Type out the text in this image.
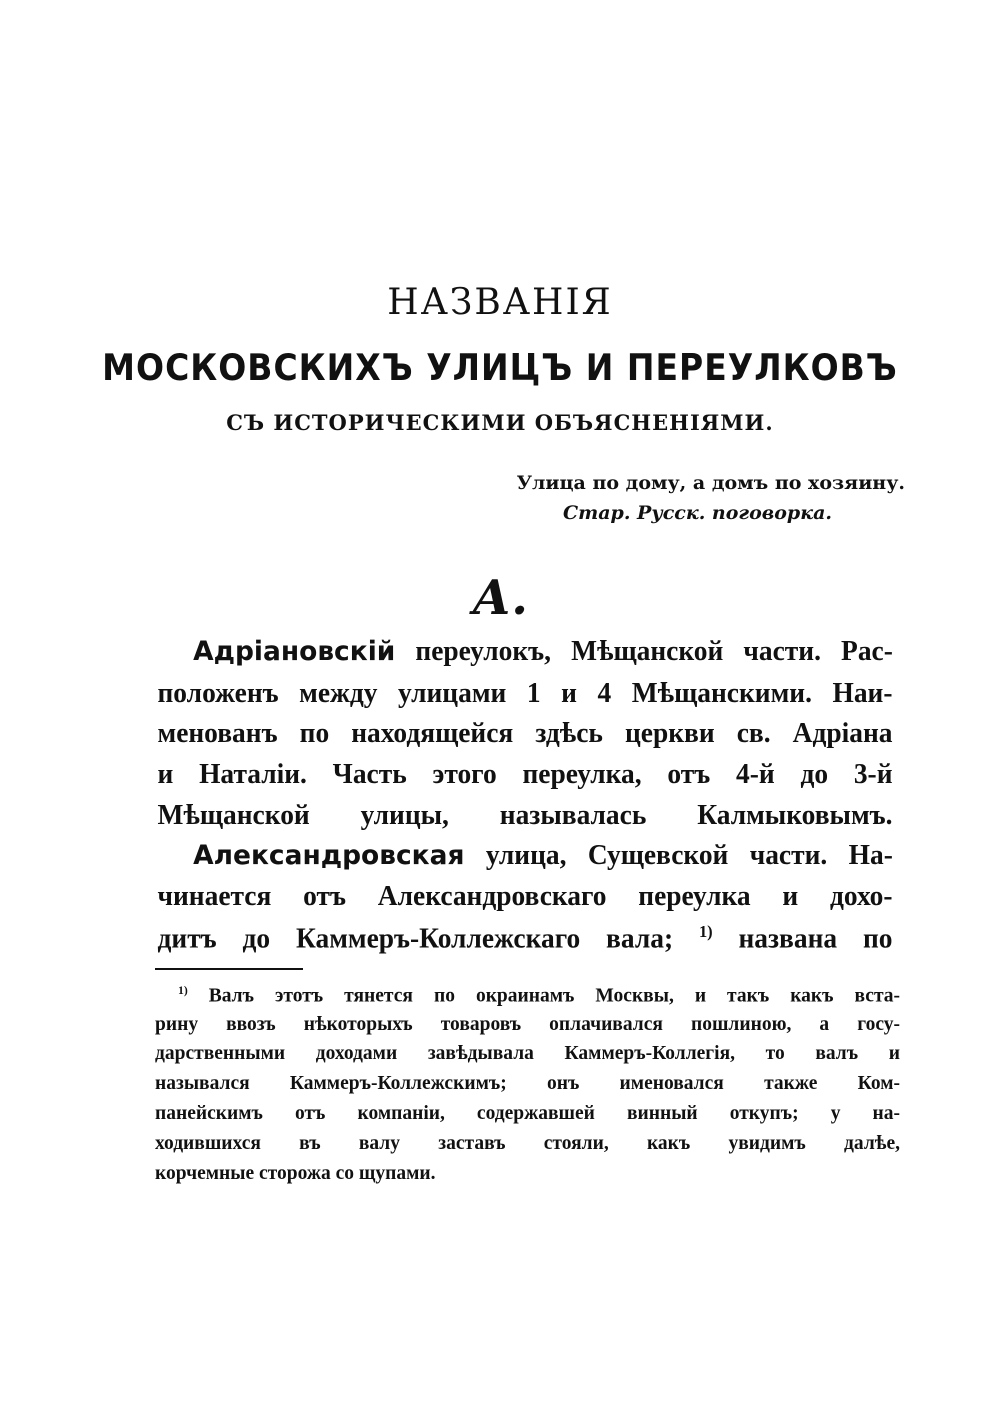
НАЗВАНІЯ
МОСКОВСКИХЪ УЛИЦЪ И ПЕРЕУЛКОВЪ
СЪ ИСТОРИЧЕСКИМИ ОБЪЯСНЕНІЯМИ.
Улица по дому, а домъ по хозяину.
Стар. Русск. поговорка.
А.
Адріановскій переулокъ, Мѣщанской части. Рас-
положенъ между улицами 1 и 4 Мѣщанскими. Наи-
менованъ по находящейся здѣсь церкви св. Адріана
и Наталіи. Часть этого переулка, отъ 4-й до 3-й
Мѣщанской улицы, называлась Калмыковымъ.
Александровская улица, Сущевской части. На-
чинается отъ Александровскаго переулка и дохо-
дитъ до Каммеръ-Коллежскаго вала; $^{1)}$ названа по
$^{1)}$ Валъ этотъ тянется по окраинамъ Москвы, и такъ какъ вста-
рину ввозъ нѣкоторыхъ товаровъ оплачивался пошлиною, а госу-
дарственными доходами завѣдывала Каммеръ-Коллегія, то валъ и
назывался Каммеръ-Коллежскимъ; онъ именовался также Ком-
панейскимъ отъ компаніи, содержавшей винный откупъ; у на-
ходившихся въ валу заставъ стояли, какъ увидимъ далѣе,
корчемные сторожа со щупами.
